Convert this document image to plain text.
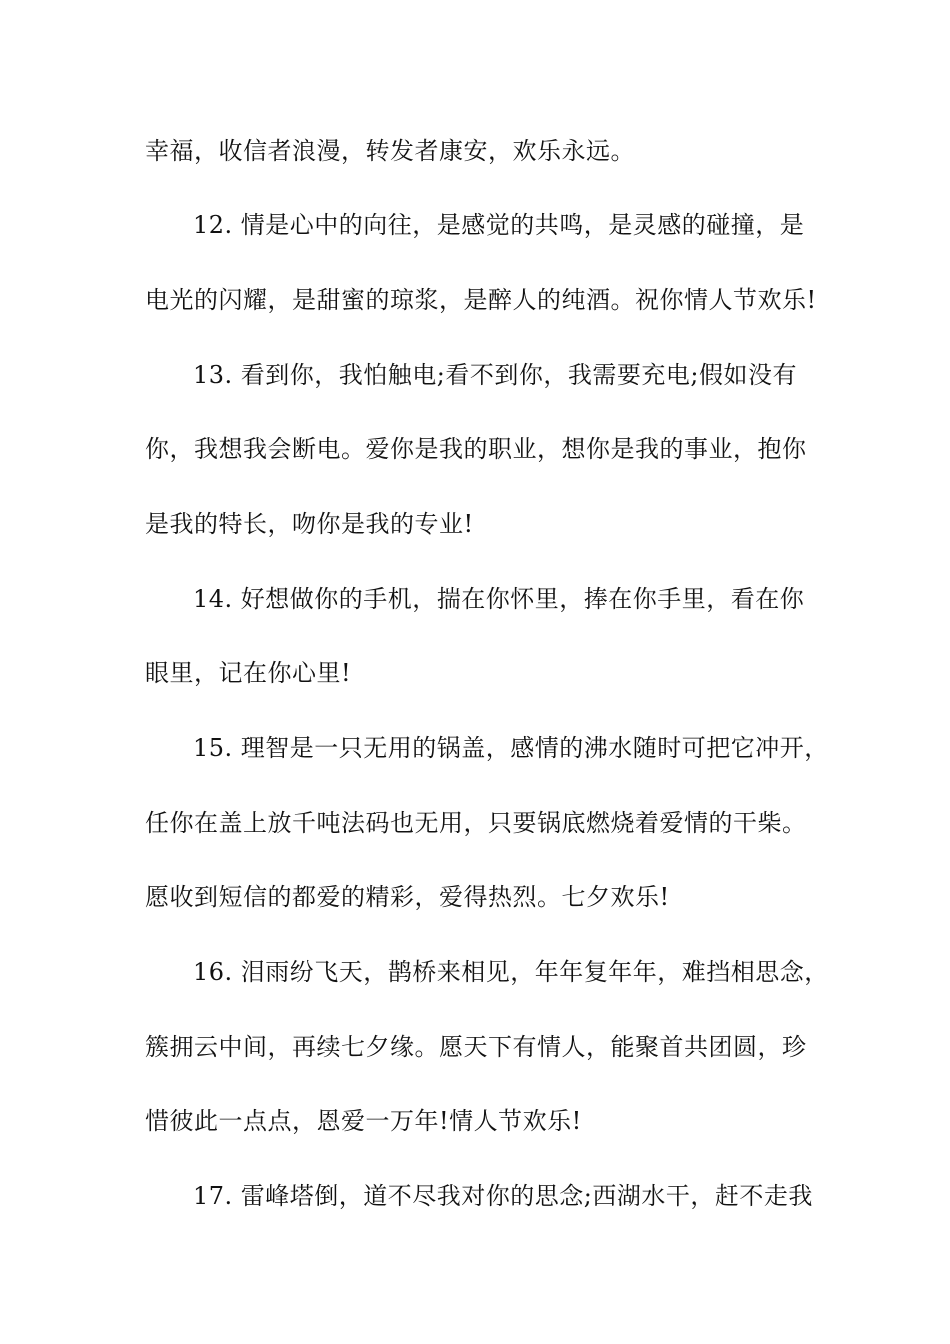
幸福，收信者浪漫，转发者康安，欢乐永远。
12. 情是心中的向往，是感觉的共鸣，是灵感的碰撞，是
电光的闪耀，是甜蜜的琼浆，是醉人的纯酒。祝你情人节欢乐!
13. 看到你，我怕触电;看不到你，我需要充电;假如没有
你，我想我会断电。爱你是我的职业，想你是我的事业，抱你
是我的特长，吻你是我的专业!
14. 好想做你的手机，揣在你怀里，捧在你手里，看在你
眼里，记在你心里!
15. 理智是一只无用的锅盖，感情的沸水随时可把它冲开，
任你在盖上放千吨法码也无用，只要锅底燃烧着爱情的干柴。
愿收到短信的都爱的精彩，爱得热烈。七夕欢乐!
16. 泪雨纷飞天，鹊桥来相见，年年复年年，难挡相思念，
簇拥云中间，再续七夕缘。愿天下有情人，能聚首共团圆，珍
惜彼此一点点，恩爱一万年!情人节欢乐!
17. 雷峰塔倒，道不尽我对你的思念;西湖水干，赶不走我
